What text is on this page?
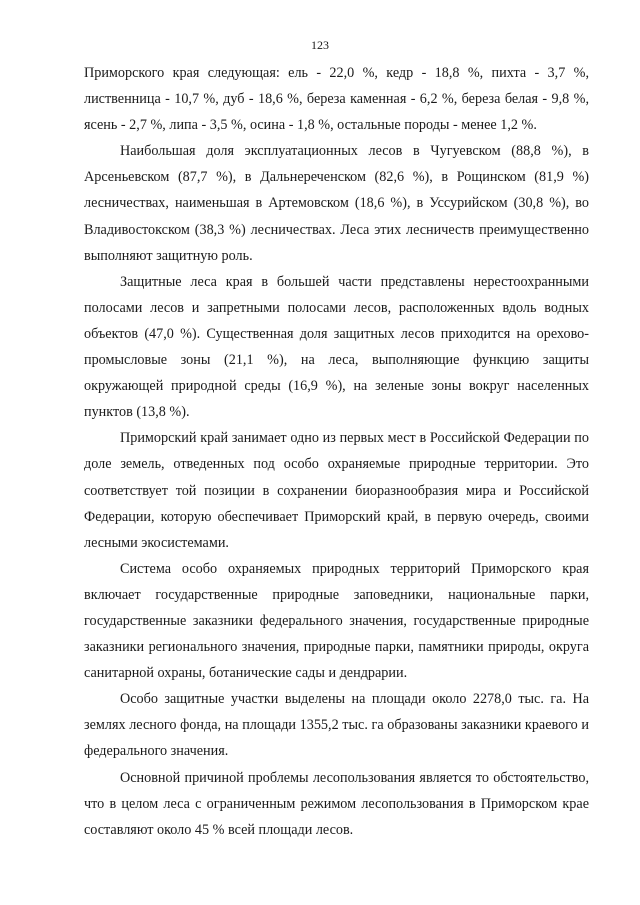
123

Приморского края следующая: ель - 22,0 %, кедр - 18,8 %, пихта - 3,7 %, лиственница - 10,7 %, дуб - 18,6 %, береза каменная - 6,2 %, береза белая - 9,8 %, ясень - 2,7 %, липа - 3,5 %, осина - 1,8 %, остальные породы - менее 1,2 %.

Наибольшая доля эксплуатационных лесов в Чугуевском (88,8 %), в Арсеньевском (87,7 %), в Дальнереченском (82,6 %), в Рощинском (81,9 %) лесничествах, наименьшая в Артемовском (18,6 %), в Уссурийском (30,8 %), во Владивостокском (38,3 %) лесничествах. Леса этих лесничеств преимущественно выполняют защитную роль.

Защитные леса края в большей части представлены нерестоохранными полосами лесов и запретными полосами лесов, расположенных вдоль водных объектов (47,0 %). Существенная доля защитных лесов приходится на орехово-промысловые зоны (21,1 %), на леса, выполняющие функцию защиты окружающей природной среды (16,9 %), на зеленые зоны вокруг населенных пунктов (13,8 %).

Приморский край занимает одно из первых мест в Российской Федерации по доле земель, отведенных под особо охраняемые природные территории. Это соответствует той позиции в сохранении биоразнообразия мира и Российской Федерации, которую обеспечивает Приморский край, в первую очередь, своими лесными экосистемами.

Система особо охраняемых природных территорий Приморского края включает государственные природные заповедники, национальные парки, государственные заказники федерального значения, государственные природные заказники регионального значения, природные парки, памятники природы, округа санитарной охраны, ботанические сады и дендрарии.

Особо защитные участки выделены на площади около 2278,0 тыс. га. На землях лесного фонда, на площади 1355,2 тыс. га образованы заказники краевого и федерального значения.

Основной причиной проблемы лесопользования является то обстоятельство, что в целом леса с ограниченным режимом лесопользования в Приморском крае составляют около 45 % всей площади лесов.
